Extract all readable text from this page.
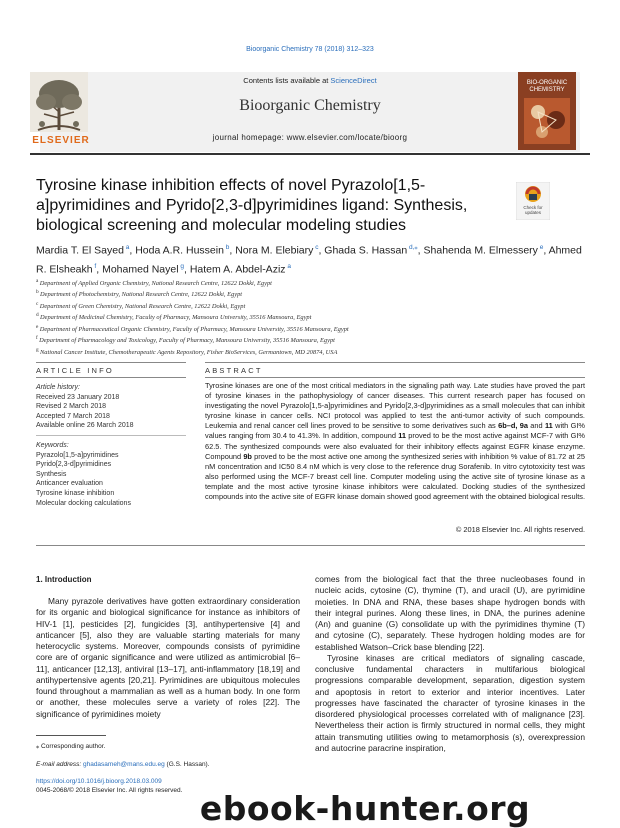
Bioorganic Chemistry 78 (2018) 312–323
Contents lists available at ScienceDirect
Bioorganic Chemistry
journal homepage: www.elsevier.com/locate/bioorg
ELSEVIER
BIO-ORGANIC CHEMISTRY
Tyrosine kinase inhibition effects of novel Pyrazolo[1,5-a]pyrimidines and Pyrido[2,3-d]pyrimidines ligand: Synthesis, biological screening and molecular modeling studies
Check for updates
Mardia T. El Sayed $^a$, Hoda A.R. Hussein $^b$, Nora M. Elebiary $^c$, Ghada S. Hassan $^{d,⁎}$, Shahenda M. Elmessery $^e$, Ahmed R. Elsheakh $^f$, Mohamed Nayel $^g$, Hatem A. Abdel-Aziz $^a$
$^a$ Department of Applied Organic Chemistry, National Research Centre, 12622 Dokki, Egypt
$^b$ Department of Photochemistry, National Research Centre, 12622 Dokki, Egypt
$^c$ Department of Green Chemistry, National Research Centre, 12622 Dokki, Egypt
$^d$ Department of Medicinal Chemistry, Faculty of Pharmacy, Mansoura University, 35516 Mansoura, Egypt
$^e$ Department of Pharmaceutical Organic Chemistry, Faculty of Pharmacy, Mansoura University, 35516 Mansoura, Egypt
$^f$ Department of Pharmacology and Toxicology, Faculty of Pharmacy, Mansoura University, 35516 Mansoura, Egypt
$^g$ National Cancer Institute, Chemotherapeutic Agents Repository, Fisher BioServices, Germantown, MD 20874, USA
ARTICLE INFO
Article history:
Received 23 January 2018
Revised 2 March 2018
Accepted 7 March 2018
Available online 26 March 2018
Keywords:
Pyrazolo[1,5-a]pyrimidines
Pyrido[2,3-d]pyrimidines
Synthesis
Anticancer evaluation
Tyrosine kinase inhibition
Molecular docking calculations
ABSTRACT
Tyrosine kinases are one of the most critical mediators in the signaling path way. Late studies have proved the part of tyrosine kinases in the pathophysiology of cancer diseases. This current research paper has focused on investigating the novel Pyrazolo[1,5-a]pyrimidines and Pyrido[2,3-d]pyrimidines as a small molecules that can inhibit tyrosine kinase in cancer cells. NCI protocol was applied to test the anti-tumor activity of such compounds. Leukemia and renal cancer cell lines proved to be sensitive to some derivatives such as 6b–d, 9a and 11 with GI% values ranging from 30.4 to 41.3%. In addition, compound 11 proved to be the most active against MCF-7 with GI% 62.5. The synthesized compounds were also evaluated for their inhibitory effects against EGFR kinase enzyme. Compound 9b proved to be the most active one among the synthesized series with inhibition % value of 81.72 at 25 nM concentration and IC50 8.4 nM which is very close to the reference drug Sorafenib. In vitro cytotoxicity test was also performed using the MCF-7 breast cell line. Computer modeling using the active site of tyrosine kinase as a template and the most active tyrosine kinase inhibitors were calculated. Docking studies of the synthesized compounds into the active site of EGFR kinase domain showed good agreement with the obtained biological results.
© 2018 Elsevier Inc. All rights reserved.
1. Introduction
Many pyrazole derivatives have gotten extraordinary consideration for its organic and biological significance for instance as inhibitors of HIV-1 [1], pesticides [2], fungicides [3], antihypertensive [4] and anticancer [5], also they are valuable starting materials for many heterocyclic systems. Moreover, compounds consists of pyrimidine core are of organic significance and were utilized as antimicrobial [6–11], anticancer [12,13], antiviral [13–17], anti-inflammatory [18,19] and antihypertensive agents [20,21]. Pyrimidines are ubiquitous molecules found throughout a mammalian as well as a human body. In one form or another, these molecules serve a variety of roles [22]. The significance of pyrimidines moiety
comes from the biological fact that the three nucleobases found in nucleic acids, cytosine (C), thymine (T), and uracil (U), are pyrimidine moieties. In DNA and RNA, these bases shape hydrogen bonds with their integral purines. Along these lines, in DNA, the purines adenine (An) and guanine (G) consolidate up with the pyrimidines thymine (T) and cytosine (C), separately. These hydrogen holding modes are for established Watson–Crick base blending [22].
Tyrosine kinases are critical mediators of signaling cascade, conclusive fundamental characters in multifarious biological progressions comparable development, separation, digestion system and apoptosis in retort to exterior and interior incentives. Later progresses have fascinated the character of tyrosine kinases in the disordered physiological processes correlated with of malignance [23]. Nevertheless their action is firmly structured in normal cells, they might attain transmuting utilities owing to metamorphosis (s), overexpression and autocrine paracrine inspiration,
⁎ Corresponding author.
E-mail address: ghadasameh@mans.edu.eg (G.S. Hassan).
https://doi.org/10.1016/j.bioorg.2018.03.009
0045-2068/© 2018 Elsevier Inc. All rights reserved. ebook-hunter.org
